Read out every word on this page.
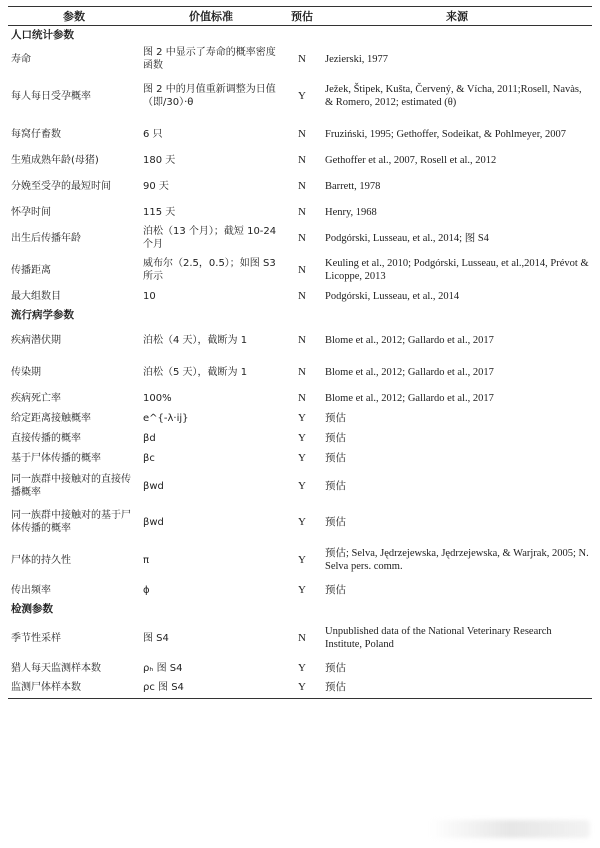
参数	价值标准	预估	来源
人口统计参数			
寿命	图 2 中显示了寿命的概率密度函数	N	Jezierski, 1977
每人每日受孕概率	图 2 中的月值重新调整为日值（即/30）·θ	Y	Ježek, Štipek, Kušta, Červený, & Vícha, 2011;Rosell, Navàs, & Romero, 2012; estimated (θ)
每窝仔畜数	6 只	N	Fruziński, 1995; Gethoffer, Sodeikat, & Pohlmeyer, 2007
生殖成熟年龄(母猪)	180 天	N	Gethoffer et al., 2007, Rosell et al., 2012
分娩至受孕的最短时间	90 天	N	Barrett, 1978
怀孕时间	115 天	N	Henry, 1968
出生后传播年龄	泊松（13 个月）；截短 10-24 个月	N	Podgórski, Lusseau, et al., 2014; 图 S4
传播距离	威布尔（2.5，0.5）；如图 S3 所示	N	Keuling et al., 2010; Podgórski, Lusseau, et al.,2014, Prévot & Licoppe, 2013
最大组数目	10	N	Podgórski, Lusseau, et al., 2014
流行病学参数			
疾病潜伏期	泊松（4 天），截断为 1	N	Blome et al., 2012; Gallardo et al., 2017
传染期	泊松（5 天），截断为 1	N	Blome et al., 2012; Gallardo et al., 2017
疾病死亡率	100%	N	Blome et al., 2012; Gallardo et al., 2017
给定距离接触概率	e^{-λ·ij}	Y	预估
直接传播的概率	βd	Y	预估
基于尸体传播的概率	βc	Y	预估
同一族群中接触对的直接传播概率	βwd	Y	预估
同一族群中接触对的基于尸体传播的概率	βwd	Y	预估
尸体的持久性	π	Y	预估; Selva, Jędrzejewska, Jędrzejewska, & Warjrak, 2005; N. Selva pers. comm.
传出频率	ϕ	Y	预估
检测参数			
季节性采样	图 S4	N	Unpublished data of the National Veterinary Research Institute, Poland
猎人每天监测样本数	ρₕ 图 S4	Y	预估
监测尸体样本数	ρc 图 S4	Y	预估
